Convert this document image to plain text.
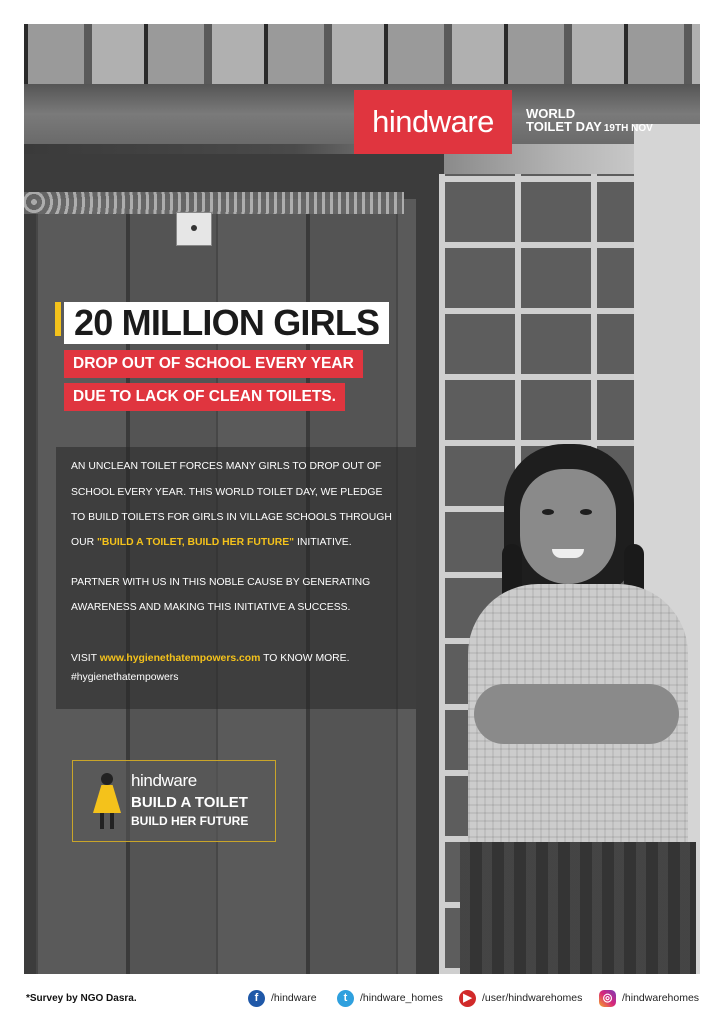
hindware	WORLD
TOILET DAY 19TH NOV
20 MILLION GIRLS
DROP OUT OF SCHOOL EVERY YEAR
DUE TO LACK OF CLEAN TOILETS.
AN UNCLEAN TOILET FORCES MANY GIRLS TO DROP OUT OF
SCHOOL EVERY YEAR. THIS WORLD TOILET DAY, WE PLEDGE
TO BUILD TOILETS FOR GIRLS IN VILLAGE SCHOOLS THROUGH
OUR "BUILD A TOILET, BUILD HER FUTURE" INITIATIVE.
PARTNER WITH US IN THIS NOBLE CAUSE BY GENERATING
AWARENESS AND MAKING THIS INITIATIVE A SUCCESS.
VISIT www.hygienethatempowers.com TO KNOW MORE.
#hygienethatempowers
hindware
BUILD A TOILET
BUILD HER FUTURE
*Survey by NGO Dasra.	f	/hindware	t	/hindware_homes	▶ /user/hindwarehomes	◎ /hindwarehomes
